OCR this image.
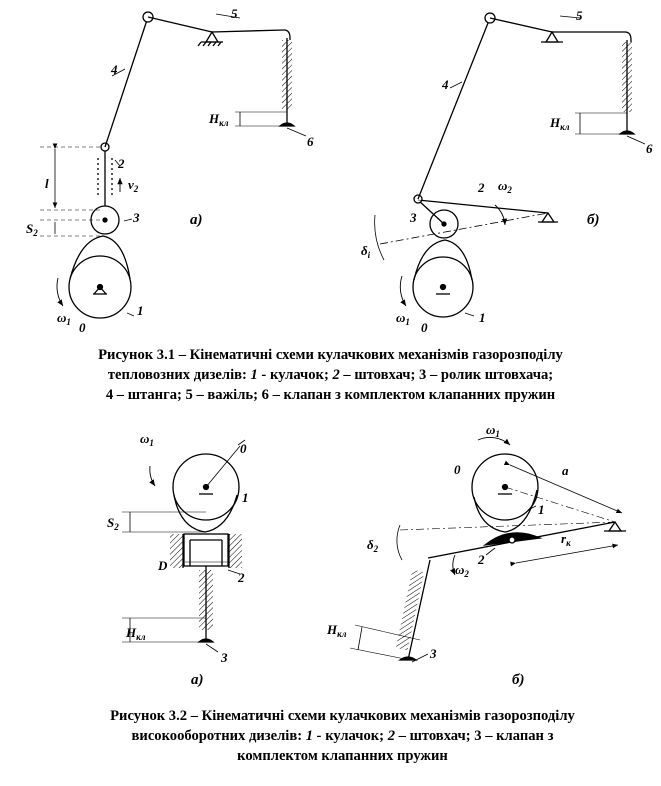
0
1
2
3
4
5
6
l
$S_2$
$v_2$
$\omega_1$
$H_{кл}$
а)
0
1
2
3
4
5
6
$\omega_2$
$\omega_1$
$\delta_i$
$H_{кл}$
б)
0
1
2
3
$S_2$
D
$\omega_1$
$H_{кл}$
а)
0
1
2
3
a
$r_к$
$\delta_2$
$\omega_1$
$\omega_2$
$H_{кл}$
б)
Рисунок 3.1 – Кінематичні схеми кулачкових механізмів газорозподілу
тепловозних дизелів: 1 - кулачок; 2 – штовхач; 3 – ролик штовхача;
4 – штанга; 5 – важіль; 6 – клапан з комплектом клапанних пружин
Рисунок 3.2 – Кінематичні схеми кулачкових механізмів газорозподілу
високооборотних дизелів: 1 - кулачок; 2 – штовхач; 3 – клапан з
комплектом клапанних пружин
